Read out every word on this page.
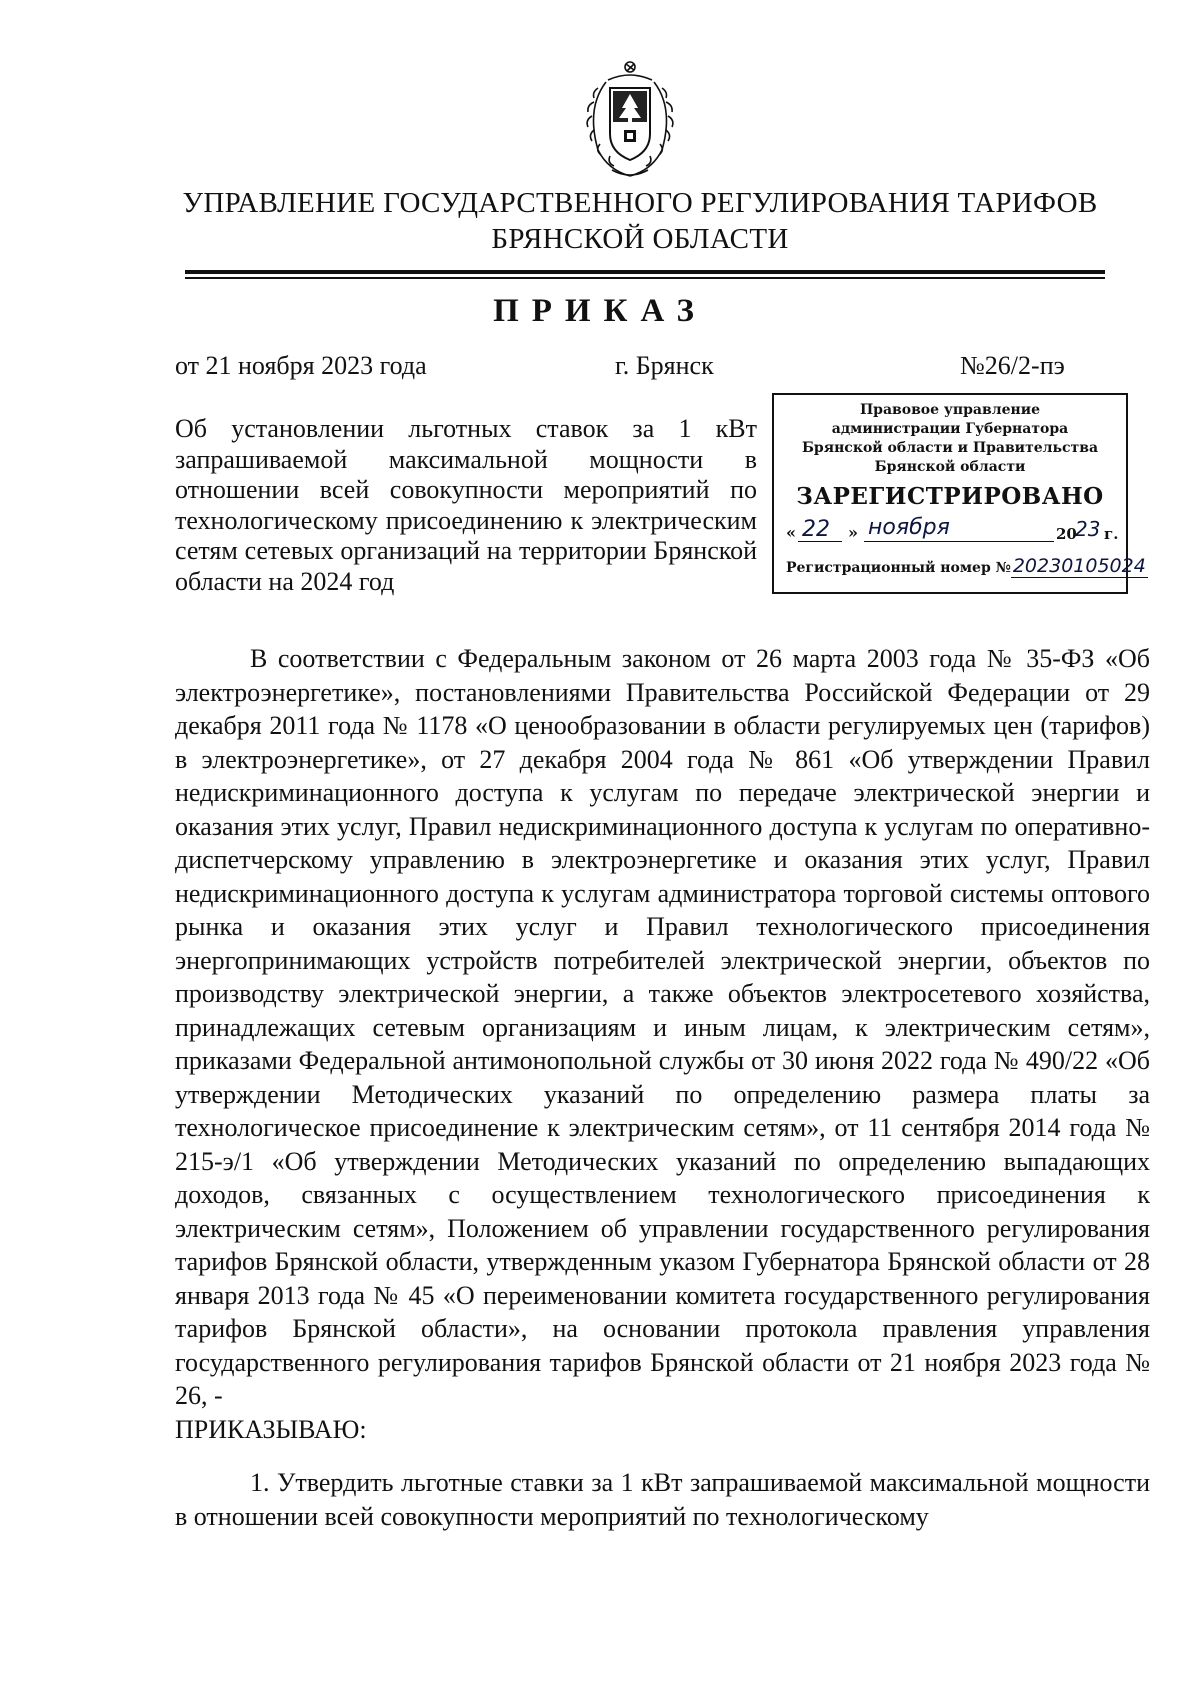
УПРАВЛЕНИЕ ГОСУДАРСТВЕННОГО РЕГУЛИРОВАНИЯ ТАРИФОВ
БРЯНСКОЙ ОБЛАСТИ
ПРИКАЗ
от 21 ноября 2023 года	г. Брянск	№26/2-пэ
Об установлении льготных ставок за 1 кВт запрашиваемой максимальной мощности в отношении всей совокупности мероприятий по технологическому присоединению к электрическим сетям сетевых организаций на территории Брянской области на 2024 год
Правовое управление
администрации Губернатора
Брянской области и Правительства
Брянской области
ЗАРЕГИСТРИРОВАНО
« 22 » ноября	20
23 г.
Регистрационный номер № 20230105024

В соответствии с Федеральным законом от 26 марта 2003 года № 35-ФЗ «Об электроэнергетике», постановлениями Правительства Российской Федерации от 29 декабря 2011 года № 1178 «О ценообразовании в области регулируемых цен (тарифов) в электроэнергетике», от 27 декабря 2004 года № 861 «Об утверждении Правил недискриминационного доступа к услугам по передаче электрической энергии и оказания этих услуг, Правил недискриминационного доступа к услугам по оперативно-диспетчерскому управлению в электроэнергетике и оказания этих услуг, Правил недискриминационного доступа к услугам администратора торговой системы оптового рынка и оказания этих услуг и Правил технологического присоединения энергопринимающих устройств потребителей электрической энергии, объектов по производству электрической энергии, а также объектов электросетевого хозяйства, принадлежащих сетевым организациям и иным лицам, к электрическим сетям», приказами Федеральной антимонопольной службы от 30 июня 2022 года № 490/22 «Об утверждении Методических указаний по определению размера платы за технологическое присоединение к электрическим сетям», от 11 сентября 2014 года № 215-э/1 «Об утверждении Методических указаний по определению выпадающих доходов, связанных с осуществлением технологического присоединения к электрическим сетям», Положением об управлении государственного регулирования тарифов Брянской области, утвержденным указом Губернатора Брянской области от 28 января 2013 года № 45 «О переименовании комитета государственного регулирования тарифов Брянской области», на основании протокола правления управления государственного регулирования тарифов Брянской области от 21 ноября 2023 года № 26, -

ПРИКАЗЫВАЮ:

1. Утвердить льготные ставки за 1 кВт запрашиваемой максимальной мощности в отношении всей совокупности мероприятий по технологическому
